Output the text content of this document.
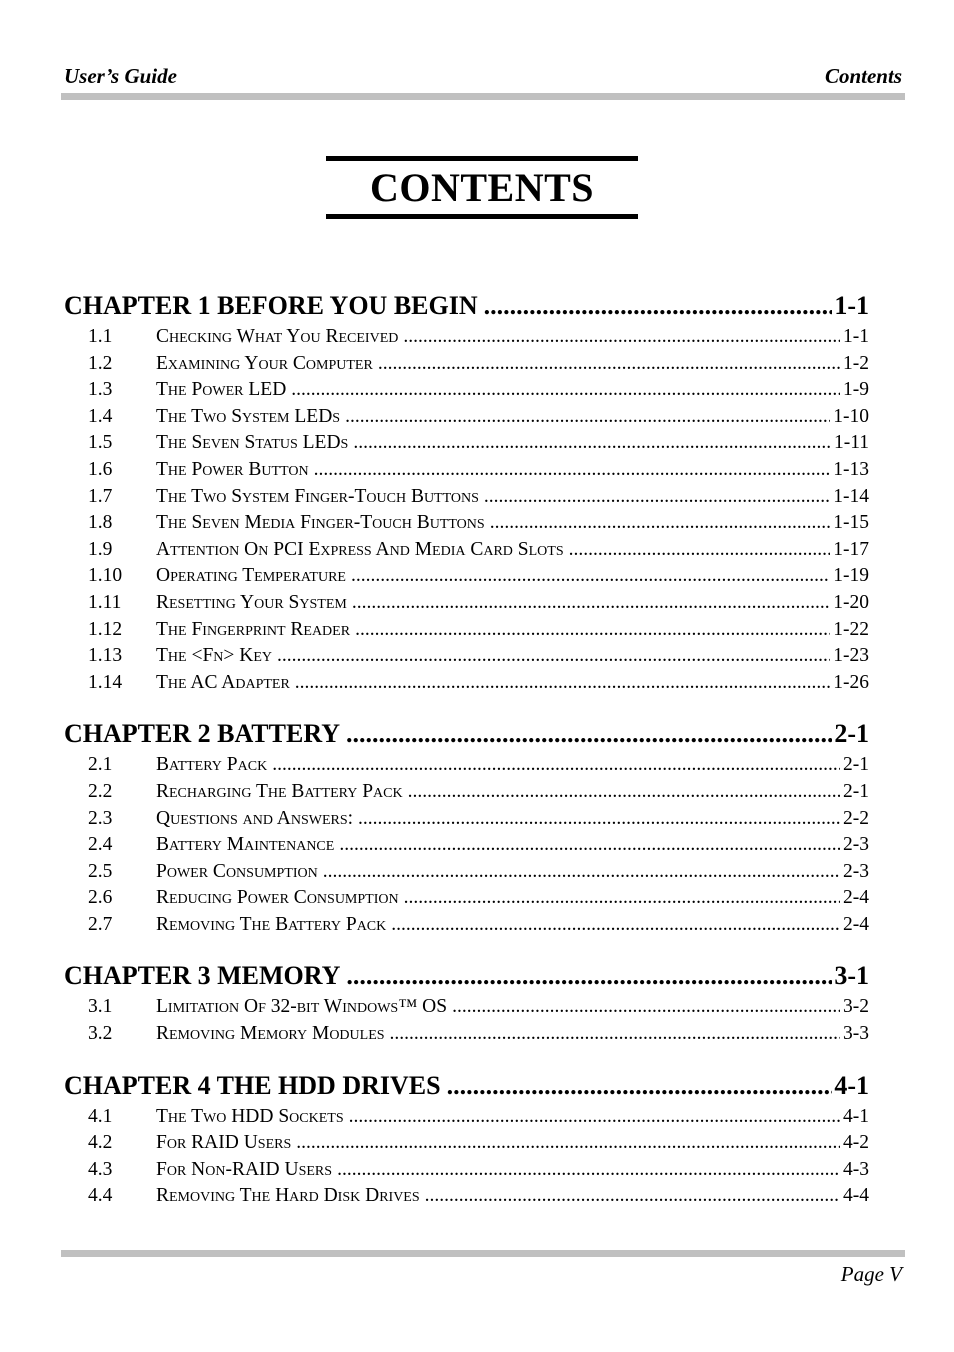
User’s Guide	Contents
CONTENTS
CHAPTER 1 BEFORE YOU BEGIN .....	1-1
1.1	Checking What You Received .....	1-1
1.2	Examining Your Computer .....	1-2
1.3	The Power LED .....	1-9
1.4	The Two System LEDs .....	1-10
1.5	The Seven Status LEDs .....	1-11
1.6	The Power Button .....	1-13
1.7	The Two System Finger-Touch Buttons .....	1-14
1.8	The Seven Media Finger-Touch Buttons .....	1-15
1.9	Attention On PCI Express And Media Card Slots .....	1-17
1.10	Operating Temperature .....	1-19
1.11	Resetting Your System .....	1-20
1.12	The Fingerprint Reader .....	1-22
1.13	The <Fn> Key .....	1-23
1.14	The AC Adapter .....	1-26
CHAPTER 2 BATTERY .....	2-1
2.1	Battery Pack .....	2-1
2.2	Recharging The Battery Pack .....	2-1
2.3	Questions and Answers: .....	2-2
2.4	Battery Maintenance .....	2-3
2.5	Power Consumption .....	2-3
2.6	Reducing Power Consumption .....	2-4
2.7	Removing The Battery Pack .....	2-4
CHAPTER 3 MEMORY .....	3-1
3.1	Limitation Of 32-bit Windows™ OS .....	3-2
3.2	Removing Memory Modules .....	3-3
CHAPTER 4 THE HDD DRIVES .....	4-1
4.1	The Two HDD Sockets .....	4-1
4.2	For RAID Users .....	4-2
4.3	For Non-RAID Users .....	4-3
4.4	Removing The Hard Disk Drives .....	4-4
Page V
